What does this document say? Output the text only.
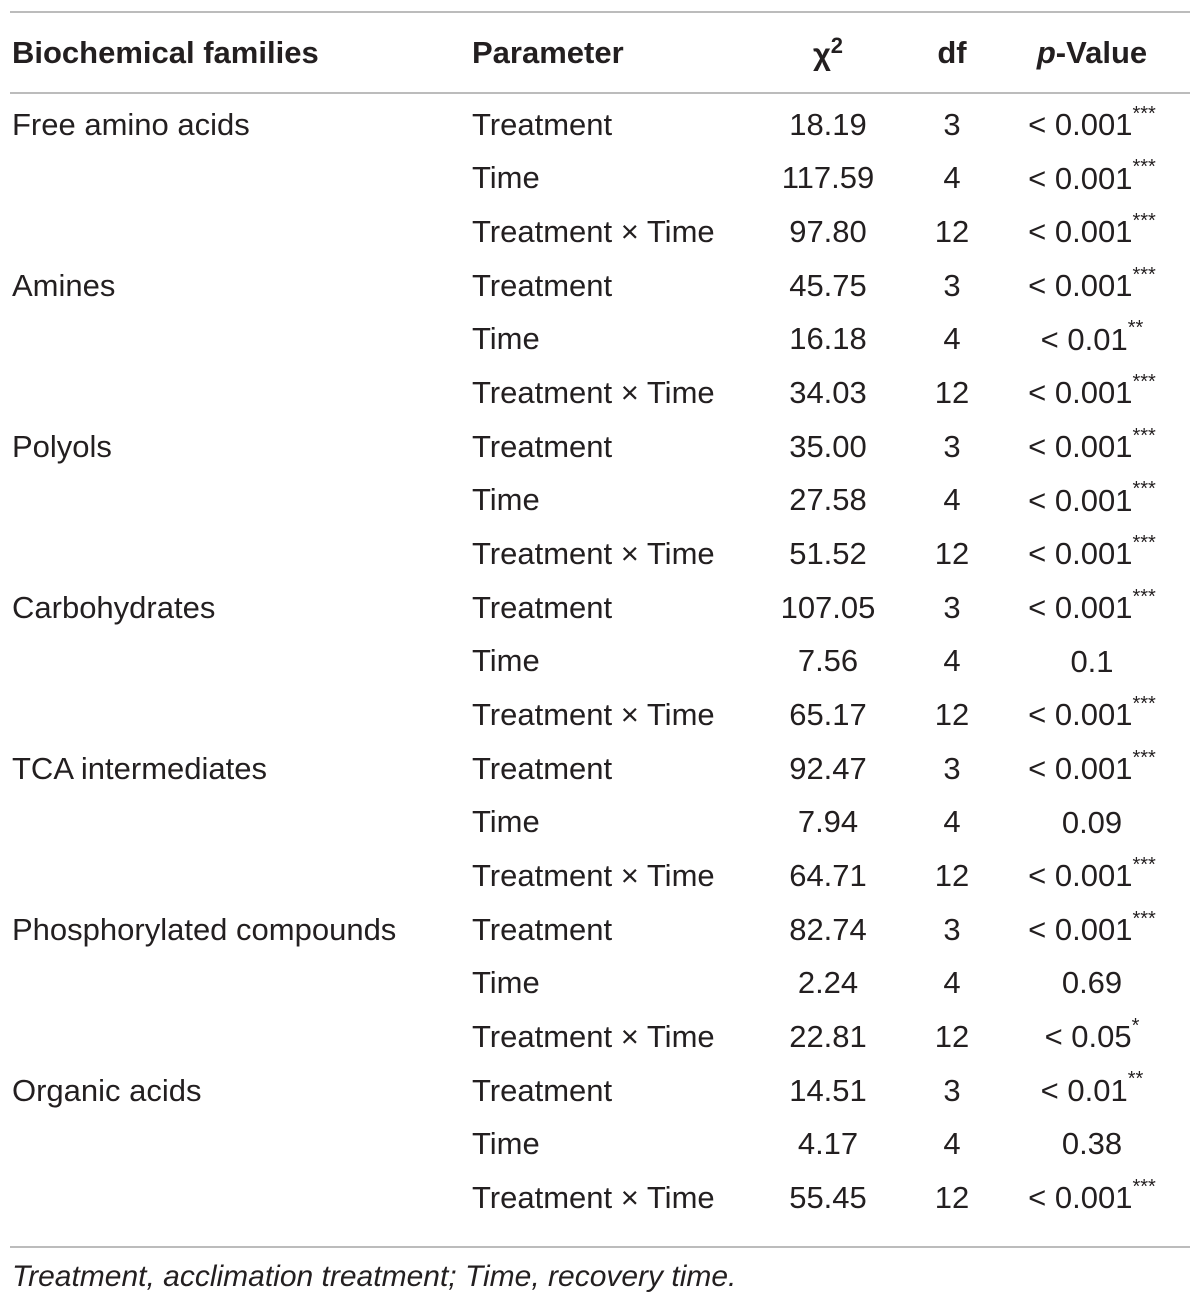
Biochemical families	Parameter	$\chi^2$	df	p-Value
Free amino acids	Treatment	18.19	3	< 0.001***
	Time	117.59	4	< 0.001***
	Treatment × Time	97.80	12	< 0.001***
Amines	Treatment	45.75	3	< 0.001***
	Time	16.18	4	< 0.01**
	Treatment × Time	34.03	12	< 0.001***
Polyols	Treatment	35.00	3	< 0.001***
	Time	27.58	4	< 0.001***
	Treatment × Time	51.52	12	< 0.001***
Carbohydrates	Treatment	107.05	3	< 0.001***
	Time	7.56	4	0.1
	Treatment × Time	65.17	12	< 0.001***
TCA intermediates	Treatment	92.47	3	< 0.001***
	Time	7.94	4	0.09
	Treatment × Time	64.71	12	< 0.001***
Phosphorylated compounds	Treatment	82.74	3	< 0.001***
	Time	2.24	4	0.69
	Treatment × Time	22.81	12	< 0.05*
Organic acids	Treatment	14.51	3	< 0.01**
	Time	4.17	4	0.38
	Treatment × Time	55.45	12	< 0.001***
Treatment, acclimation treatment; Time, recovery time.
